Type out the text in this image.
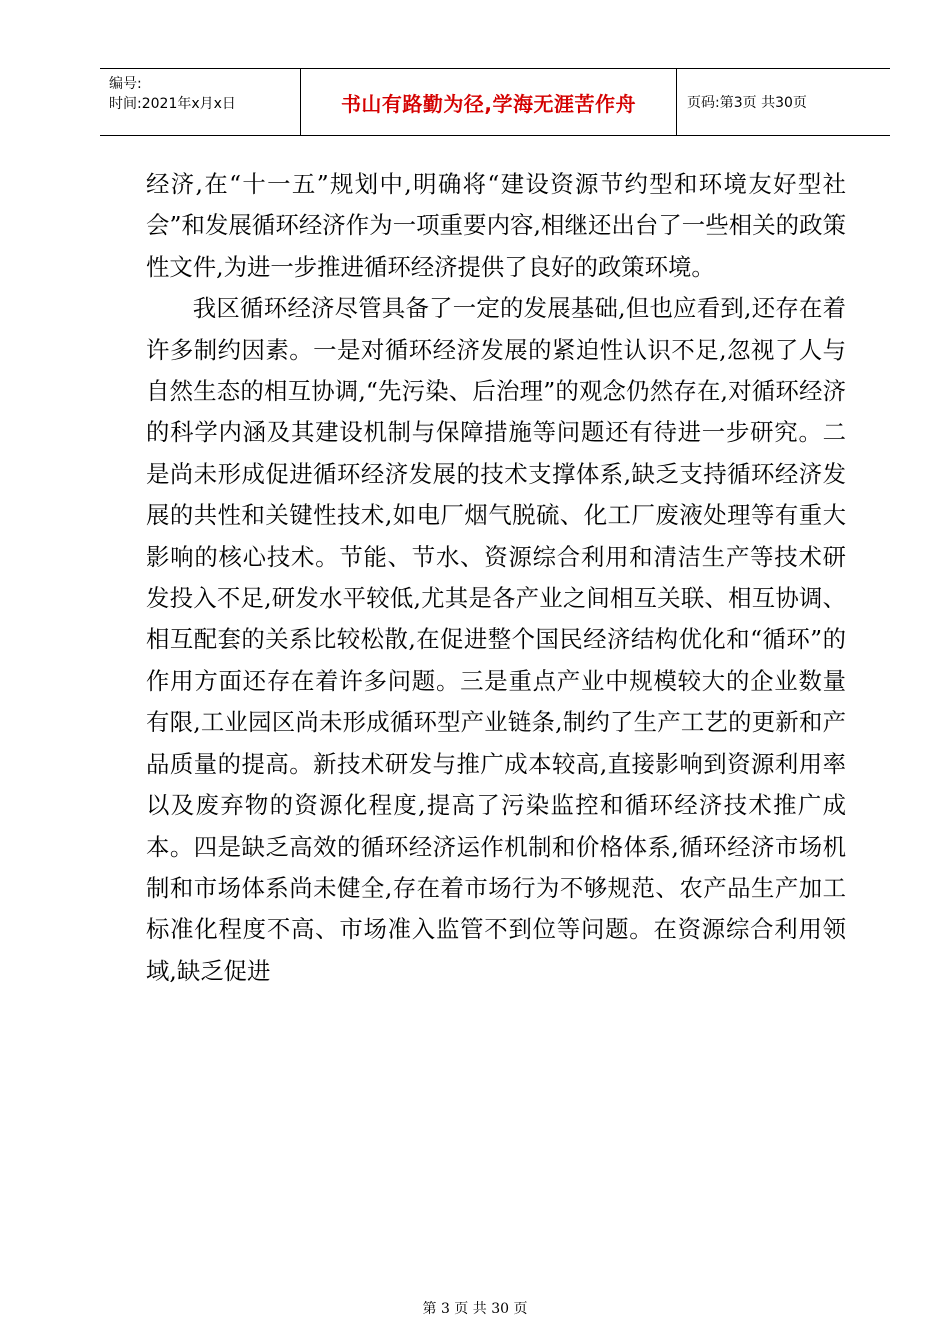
编号:
时间:2021年x月x日	书山有路勤为径,学海无涯苦作舟	页码:第3页 共30页

经济,在“十一五”规划中,明确将“建设资源节约型和环境友好型社会”和发展循环经济作为一项重要内容,相继还出台了一些相关的政策性文件,为进一步推进循环经济提供了良好的政策环境。

我区循环经济尽管具备了一定的发展基础,但也应看到,还存在着许多制约因素。一是对循环经济发展的紧迫性认识不足,忽视了人与自然生态的相互协调,“先污染、后治理”的观念仍然存在,对循环经济的科学内涵及其建设机制与保障措施等问题还有待进一步研究。二是尚未形成促进循环经济发展的技术支撑体系,缺乏支持循环经济发展的共性和关键性技术,如电厂烟气脱硫、化工厂废液处理等有重大影响的核心技术。节能、节水、资源综合利用和清洁生产等技术研发投入不足,研发水平较低,尤其是各产业之间相互关联、相互协调、相互配套的关系比较松散,在促进整个国民经济结构优化和“循环”的作用方面还存在着许多问题。三是重点产业中规模较大的企业数量有限,工业园区尚未形成循环型产业链条,制约了生产工艺的更新和产品质量的提高。新技术研发与推广成本较高,直接影响到资源利用率以及废弃物的资源化程度,提高了污染监控和循环经济技术推广成本。四是缺乏高效的循环经济运作机制和价格体系,循环经济市场机制和市场体系尚未健全,存在着市场行为不够规范、农产品生产加工标准化程度不高、市场准入监管不到位等问题。在资源综合利用领域,缺乏促进

第 3 页 共 30 页
